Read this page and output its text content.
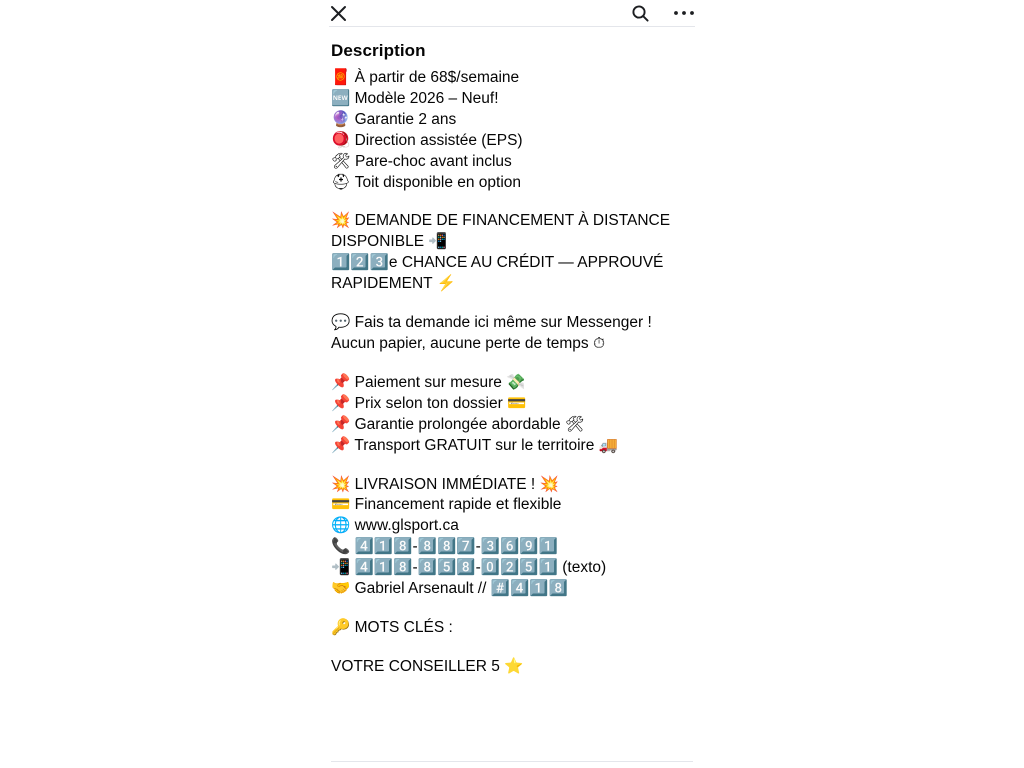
Description
🧧 À partir de 68$/semaine
🆕 Modèle 2026 – Neuf!
🔮 Garantie 2 ans
🪀 Direction assistée (EPS)
🛠 Pare-choc avant inclus
⛑ Toit disponible en option
💥 DEMANDE DE FINANCEMENT À DISTANCE DISPONIBLE 📲
1️⃣2️⃣3️⃣e CHANCE AU CRÉDIT — APPROUVÉ RAPIDEMENT ⚡
💬 Fais ta demande ici même sur Messenger !
Aucun papier, aucune perte de temps ⏱
📌 Paiement sur mesure 💸
📌 Prix selon ton dossier 💳
📌 Garantie prolongée abordable 🛠
📌 Transport GRATUIT sur le territoire 🚚
💥 LIVRAISON IMMÉDIATE ! 💥
💳 Financement rapide et flexible
🌐 www.glsport.ca
📞 4️⃣1️⃣8️⃣-8️⃣8️⃣7️⃣-3️⃣6️⃣9️⃣1️⃣
📲 4️⃣1️⃣8️⃣-8️⃣5️⃣8️⃣-0️⃣2️⃣5️⃣1️⃣ (texto)
🤝 Gabriel Arsenault // #️⃣4️⃣1️⃣8️⃣
🔑 MOTS CLÉS :
VOTRE CONSEILLER 5 ⭐
